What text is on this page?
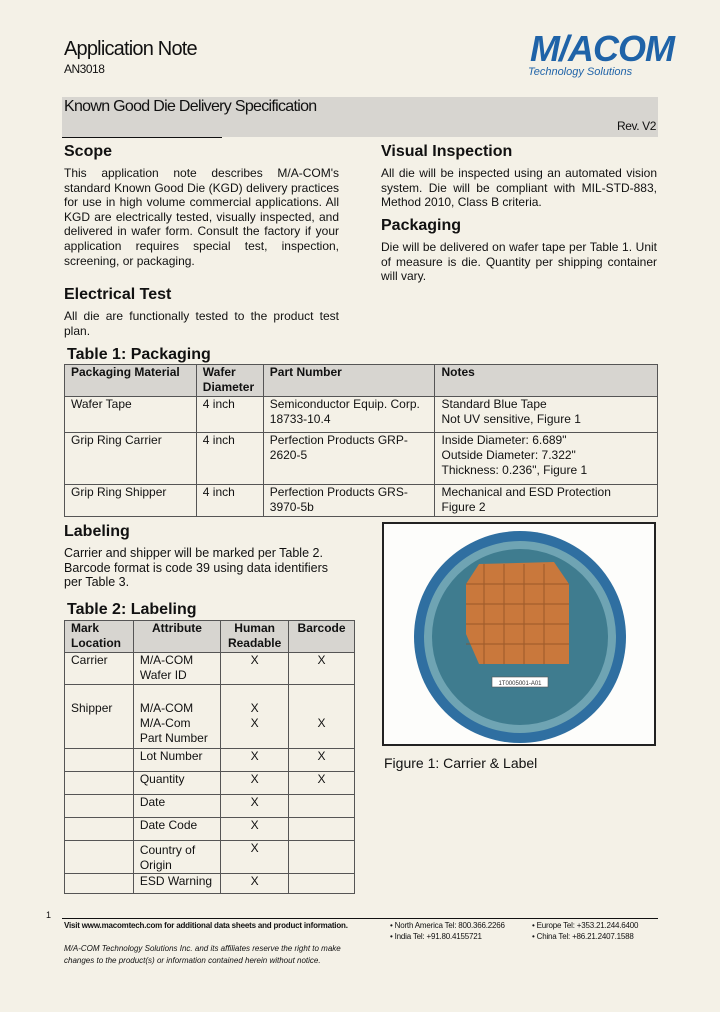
Application Note
AN3018	M/ACOM
Technology Solutions
Known Good Die Delivery Specification
Rev. V2
Scope
This application note describes M/A-COM's standard Known Good Die (KGD) delivery practices for use in high volume commercial applications. All KGD are electrically tested, visually inspected, and delivered in wafer form. Consult the factory if your application requires special test, inspection, screening, or packaging.
Electrical Test
All die are functionally tested to the product test plan.
Visual Inspection
All die will be inspected using an automated vision system. Die will be compliant with MIL-STD-883, Method 2010, Class B criteria.
Packaging
Die will be delivered on wafer tape per Table 1. Unit of measure is die. Quantity per shipping container will vary.
Table 1: Packaging
Packaging Material	Wafer Diameter	Part Number	Notes
Wafer Tape	4 inch	Semiconductor Equip. Corp. 18733-10.4	Standard Blue Tape
Not UV sensitive, Figure 1

Grip Ring Carrier	4 inch	Perfection Products GRP-2620-5	Inside Diameter: 6.689"
Outside Diameter: 7.322"
Thickness: 0.236", Figure 1

Grip Ring Shipper	4 inch	Perfection Products GRS-3970-5b	Mechanical and ESD Protection
Figure 2
Labeling
Carrier and shipper will be marked per Table 2. Barcode format is code 39 using data identifiers per Table 3.
Table 2: Labeling
Mark Location	Attribute	Human Readable	Barcode
Carrier	M/A-COM Wafer ID	X	X
Shipper	M/A-COM	X	
	M/A-Com Part Number	X	X
	Lot Number	X	X
	Quantity	X	X
	Date	X	
	Date Code	X	
	Country of Origin	X	
	ESD Warning	X	
1T0005001-A01
Figure 1: Carrier & Label
1
Visit www.macomtech.com for additional data sheets and product information.
M/A-COM Technology Solutions Inc. and its affiliates reserve the right to make changes to the product(s) or information contained herein without notice.
• North America Tel: 800.366.2266
• India Tel: +91.80.4155721
• Europe Tel: +353.21.244.6400
• China Tel: +86.21.2407.1588
